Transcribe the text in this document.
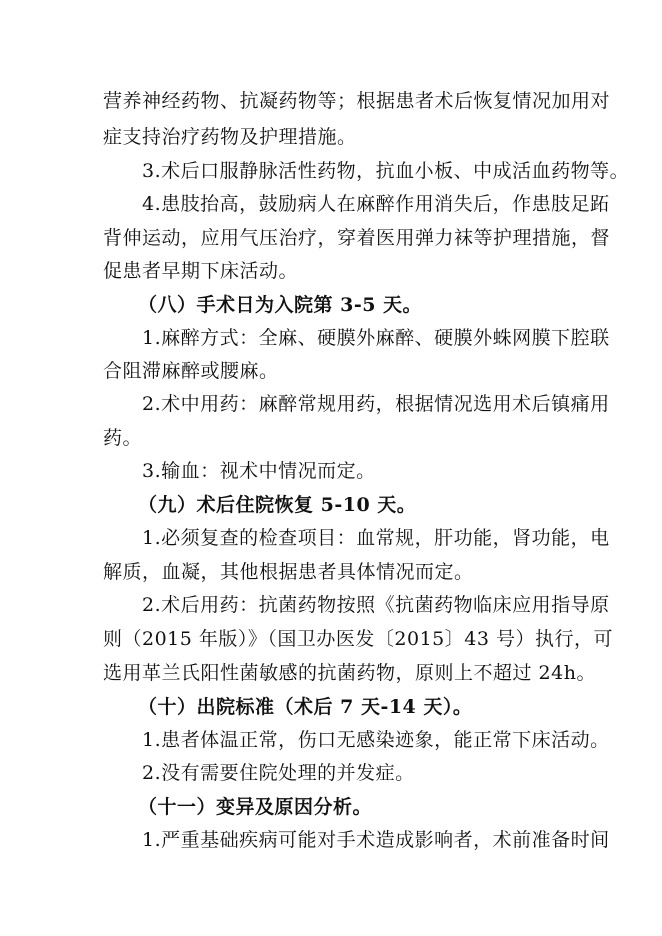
营养神经药物、抗凝药物等；根据患者术后恢复情况加用对
症支持治疗药物及护理措施。
3.术后口服静脉活性药物，抗血小板、中成活血药物等。
4.患肢抬高，鼓励病人在麻醉作用消失后，作患肢足跖
背伸运动，应用气压治疗，穿着医用弹力袜等护理措施，督
促患者早期下床活动。
（八）手术日为入院第 3-5 天。
1.麻醉方式：全麻、硬膜外麻醉、硬膜外蛛网膜下腔联
合阻滞麻醉或腰麻。
2.术中用药：麻醉常规用药，根据情况选用术后镇痛用
药。
3.输血：视术中情况而定。
（九）术后住院恢复 5-10 天。
1.必须复查的检查项目：血常规，肝功能，肾功能，电
解质，血凝，其他根据患者具体情况而定。
2.术后用药：抗菌药物按照《抗菌药物临床应用指导原
则（2015 年版）》（国卫办医发〔2015〕43 号）执行，可
选用革兰氏阳性菌敏感的抗菌药物，原则上不超过 24h。
（十）出院标准（术后 7 天-14 天）。
1.患者体温正常，伤口无感染迹象，能正常下床活动。
2.没有需要住院处理的并发症。
（十一）变异及原因分析。
1.严重基础疾病可能对手术造成影响者，术前准备时间
